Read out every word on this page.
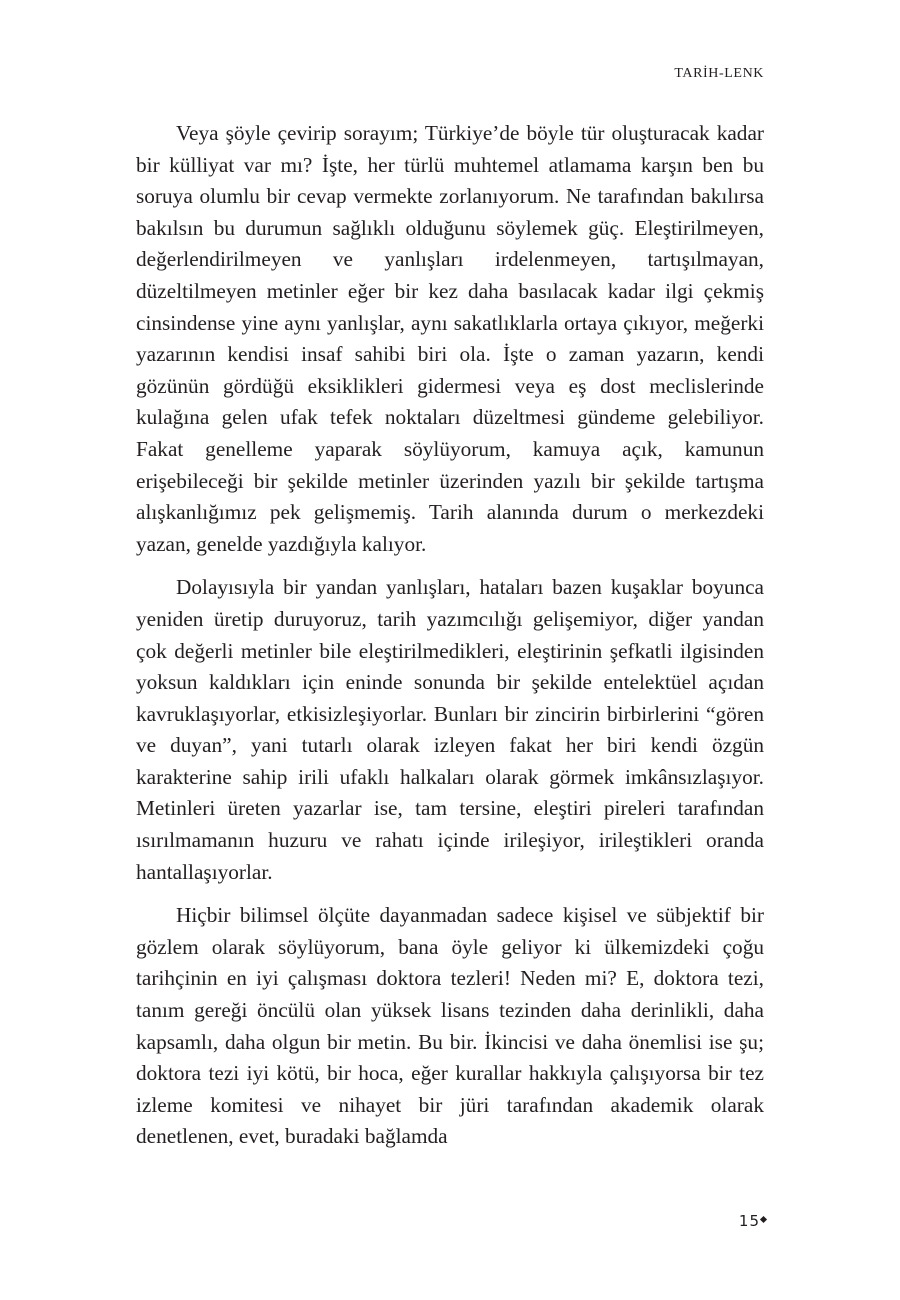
TARİH-LENK

Veya şöyle çevirip sorayım; Türkiye’de böyle tür oluşturacak kadar bir külliyat var mı? İşte, her türlü muhtemel atlamama karşın ben bu soruya olumlu bir cevap vermekte zorlanıyorum. Ne tarafından bakılırsa bakılsın bu durumun sağlıklı olduğunu söylemek güç. Eleştirilmeyen, değerlendirilmeyen ve yanlışları irdelenmeyen, tartışılmayan, düzeltilmeyen metinler eğer bir kez daha basılacak kadar ilgi çekmiş cinsindense yine aynı yanlışlar, aynı sakatlıklarla ortaya çıkıyor, meğerki yazarının kendisi insaf sahibi biri ola. İşte o zaman yazarın, kendi gözünün gördüğü eksiklikleri gidermesi veya eş dost meclislerinde kulağına gelen ufak tefek noktaları düzeltmesi gündeme gelebiliyor. Fakat genelleme yaparak söylüyorum, kamuya açık, kamunun erişebileceği bir şekilde metinler üzerinden yazılı bir şekilde tartışma alışkanlığımız pek gelişmemiş. Tarih alanında durum o merkezdeki yazan, genelde yazdığıyla kalıyor.

Dolayısıyla bir yandan yanlışları, hataları bazen kuşaklar boyunca yeniden üretip duruyoruz, tarih yazımcılığı gelişemiyor, diğer yandan çok değerli metinler bile eleştirilmedikleri, eleştirinin şefkatli ilgisinden yoksun kaldıkları için eninde sonunda bir şekilde entelektüel açıdan kavruklaşıyorlar, etkisizleşiyorlar. Bunları bir zincirin birbirlerini “gören ve duyan”, yani tutarlı olarak izleyen fakat her biri kendi özgün karakterine sahip irili ufaklı halkaları olarak görmek imkânsızlaşıyor. Metinleri üreten yazarlar ise, tam tersine, eleştiri pireleri tarafından ısırılmamanın huzuru ve rahatı içinde irileşiyor, irileştikleri oranda hantallaşıyorlar.

Hiçbir bilimsel ölçüte dayanmadan sadece kişisel ve sübjektif bir gözlem olarak söylüyorum, bana öyle geliyor ki ülkemizdeki çoğu tarihçinin en iyi çalışması doktora tezleri! Neden mi? E, doktora tezi, tanım gereği öncülü olan yüksek lisans tezinden daha derinlikli, daha kapsamlı, daha olgun bir metin. Bu bir. İkincisi ve daha önemlisi ise şu; doktora tezi iyi kötü, bir hoca, eğer kurallar hakkıyla çalışıyorsa bir tez izleme komitesi ve nihayet bir jüri tarafından akademik olarak denetlenen, evet, buradaki bağlamda

15
